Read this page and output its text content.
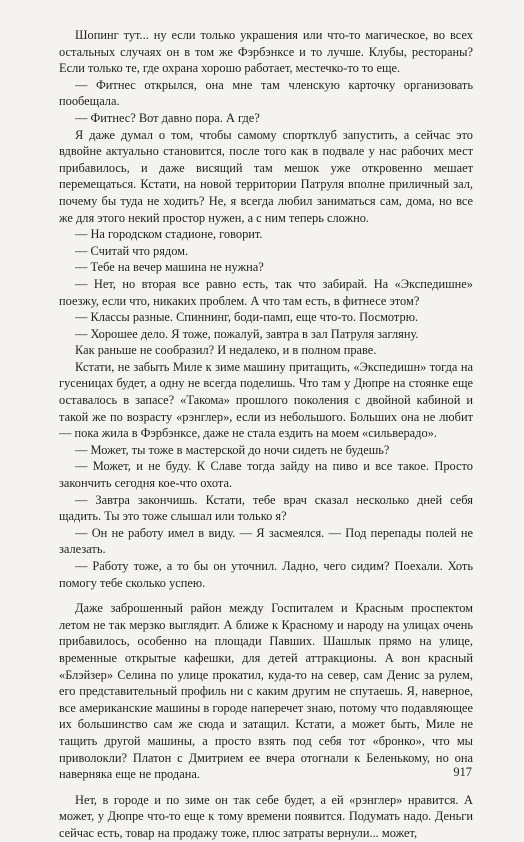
Шопинг тут... ну если только украшения или что-то магическое, во всех остальных случаях он в том же Фэрбэнксе и то лучше. Клубы, рестораны? Если только те, где охрана хорошо работает, местечко-то то еще.

— Фитнес открылся, она мне там членскую карточку организовать пообещала.

— Фитнес? Вот давно пора. А где?

Я даже думал о том, чтобы самому спортклуб запустить, а сейчас это вдвойне актуально становится, после того как в подвале у нас рабочих мест прибавилось, и даже висящий там мешок уже откровенно мешает перемещаться. Кстати, на новой территории Патруля вполне приличный зал, почему бы туда не ходить? Не, я всегда любил заниматься сам, дома, но все же для этого некий простор нужен, а с ним теперь сложно.

— На городском стадионе, говорит.

— Считай что рядом.

— Тебе на вечер машина не нужна?

— Нет, но вторая все равно есть, так что забирай. На «Экспедишне» поезжу, если что, никаких проблем. А что там есть, в фитнесе этом?

— Классы разные. Спиннинг, боди-памп, еще что-то. Посмотрю.

— Хорошее дело. Я тоже, пожалуй, завтра в зал Патруля загляну.

Как раньше не сообразил? И недалеко, и в полном праве.

Кстати, не забыть Миле к зиме машину притащить, «Экспедишн» тогда на гусеницах будет, а одну не всегда поделишь. Что там у Дюпре на стоянке еще оставалось в запасе? «Такома» прошлого поколения с двойной кабиной и такой же по возрасту «рэнглер», если из небольшого. Больших она не любит — пока жила в Фэрбэнксе, даже не стала ездить на моем «сильверадо».

— Может, ты тоже в мастерской до ночи сидеть не будешь?

— Может, и не буду. К Славе тогда зайду на пиво и все такое. Просто закончить сегодня кое-что охота.

— Завтра закончишь. Кстати, тебе врач сказал несколько дней себя щадить. Ты это тоже слышал или только я?

— Он не работу имел в виду. — Я засмеялся. — Под перепады полей не залезать.

— Работу тоже, а то бы он уточнил. Ладно, чего сидим? Поехали. Хоть помогу тебе сколько успею.

Даже заброшенный район между Госпиталем и Красным проспектом летом не так мерзко выглядит. А ближе к Красному и народу на улицах очень прибавилось, особенно на площади Павших. Шашлык прямо на улице, временные открытые кафешки, для детей аттракционы. А вон красный «Блэйзер» Селина по улице прокатил, куда-то на север, сам Денис за рулем, его представительный профиль ни с каким другим не спутаешь. Я, наверное, все американские машины в городе наперечет знаю, потому что подавляющее их большинство сам же сюда и затащил. Кстати, а может быть, Миле не тащить другой машины, а просто взять под себя тот «бронко», что мы приволокли? Платон с Дмитрием ее вчера отогнали к Беленькому, но она наверняка еще не продана.

Нет, в городе и по зиме он так себе будет, а ей «рэнглер» нравится. А может, у Дюпре что-то еще к тому времени появится. Подумать надо. Деньги сейчас есть, товар на продажу тоже, плюс затраты вернули... может,

917
